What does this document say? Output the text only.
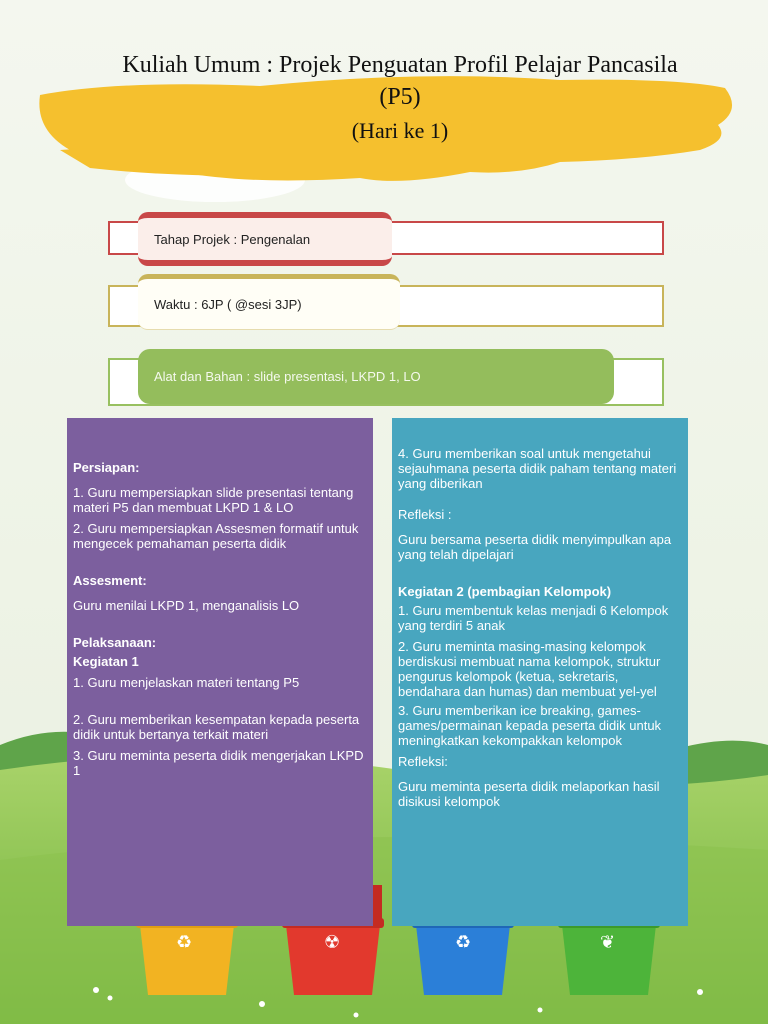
♻	☢	♻	❦
Kuliah Umum : Projek Penguatan Profil Pelajar Pancasila
(P5)
(Hari ke 1)
Tahap Projek : Pengenalan
Waktu : 6JP ( @sesi 3JP)
Alat dan Bahan : slide presentasi, LKPD 1, LO

Persiapan:

1. Guru mempersiapkan slide presentasi tentang materi P5 dan membuat LKPD 1 & LO

2. Guru mempersiapkan Assesmen formatif untuk mengecek pemahaman peserta didik

Assesment:

Guru menilai LKPD 1, menganalisis LO

Pelaksanaan:

Kegiatan 1

1. Guru menjelaskan materi tentang P5

2. Guru memberikan kesempatan kepada peserta didik untuk bertanya terkait materi

3. Guru meminta peserta didik mengerjakan LKPD 1

4. Guru memberikan soal untuk mengetahui sejauhmana peserta didik paham tentang materi yang diberikan

Refleksi :

Guru bersama peserta didik menyimpulkan apa yang telah dipelajari

Kegiatan 2 (pembagian Kelompok)

1. Guru membentuk kelas menjadi 6 Kelompok yang terdiri 5 anak

2. Guru meminta masing-masing kelompok berdiskusi membuat nama kelompok, struktur pengurus kelompok (ketua, sekretaris, bendahara dan humas) dan membuat yel-yel

3. Guru memberikan ice breaking, games-games/permainan kepada peserta didik untuk meningkatkan kekompakkan kelompok

Refleksi:

Guru meminta peserta didik melaporkan hasil disikusi kelompok
